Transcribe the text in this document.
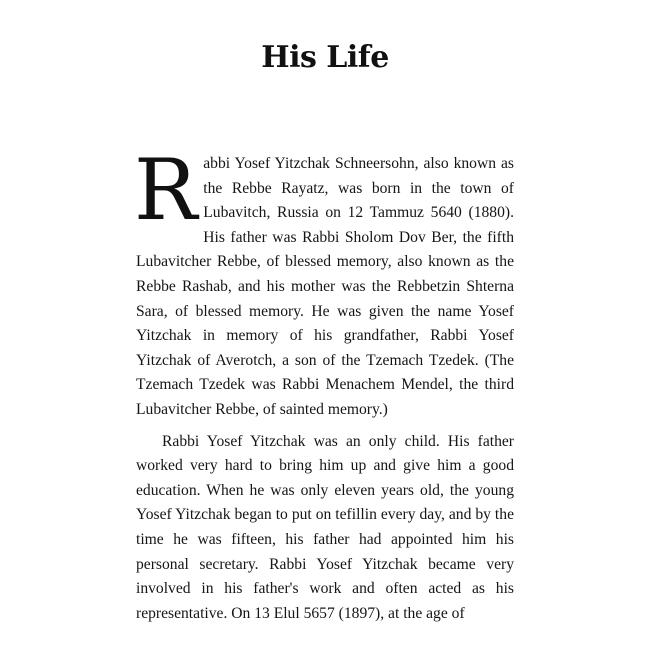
His Life

Rabbi Yosef Yitzchak Schneersohn, also known as the Rebbe Rayatz, was born in the town of Lubavitch, Russia on 12 Tammuz 5640 (1880). His father was Rabbi Sholom Dov Ber, the fifth Lubavitcher Rebbe, of blessed memory, also known as the Rebbe Rashab, and his mother was the Rebbetzin Shterna Sara, of blessed memory. He was given the name Yosef Yitzchak in memory of his grandfather, Rabbi Yosef Yitzchak of Averotch, a son of the Tzemach Tzedek. (The Tzemach Tzedek was Rabbi Menachem Mendel, the third Lubavitcher Rebbe, of sainted memory.)

Rabbi Yosef Yitzchak was an only child. His father worked very hard to bring him up and give him a good education. When he was only eleven years old, the young Yosef Yitzchak began to put on tefillin every day, and by the time he was fifteen, his father had appointed him his personal secretary. Rabbi Yosef Yitzchak became very involved in his father's work and often acted as his representative. On 13 Elul 5657 (1897), at the age of
